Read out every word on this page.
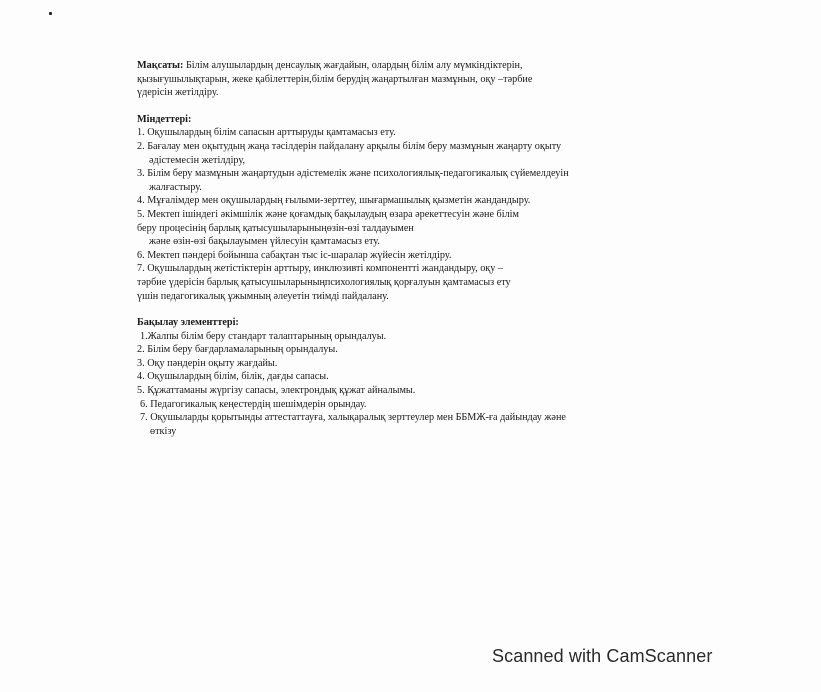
Мақсаты: Білім алушылардың денсаулық жағдайын, олардың білім алу мүмкіндіктерін,

қызығушылықтарын, жеке қабілеттерін,білім берудің жаңартылған мазмұнын, оқу –тәрбие

үдерісін жетілдіру.

Міндеттері:

1. Оқушылардың білім сапасын арттыруды қамтамасыз ету.

2. Бағалау мен оқытудың жаңа тәсілдерін пайдалану арқылы білім беру мазмұнын жаңарту оқыту

әдістемесін жетілдіру,

3. Білім беру мазмұнын жаңартудын әдістемелік және психологиялық-педагогикалық сүйемелдеуін

жалғастыру.

4. Мұғалімдер мен оқушылардың ғылыми-зерттеу, шығармашылық қызметін жандандыру.

5. Мектеп ішіндегі әкімшілік және қоғамдық бақылаудың өзара әрекеттесуін және білім

беру процесінің барлық қатысушыларыныңөзін-өзі талдауымен

және өзін-өзі бақылауымен үйлесуін қамтамасыз ету.

6. Мектеп пәндері бойынша сабақтан тыс іс-шаралар жүйесін жетілдіру.

7. Оқушылардың жетістіктерін арттыру, инклюзивті компонентті жандандыру, оқу –

тәрбие үдерісін барлық қатысушыларыныңпсихологиялық қорғалуын қамтамасыз ету

үшін педагогикалық ұжымның әлеуетін тиімді пайдалану.

Бақылау элементтері:

1.Жалпы білім беру стандарт талаптарының орындалуы.

2. Білім беру бағдарламаларының орындалуы.

3. Оқу пәндерін оқыту жағдайы.

4. Оқушылардың білім, білік, дағды сапасы.

5. Құжаттаманы жүргізу сапасы, электрондық құжат айналымы.

6. Педагогикалық кеңестердің шешімдерін орындау.

7. Оқушыларды қорытынды аттестаттауға, халықаралық зерттеулер мен ББМЖ-ға дайындау және

өткізу

Scanned with CamScanner
